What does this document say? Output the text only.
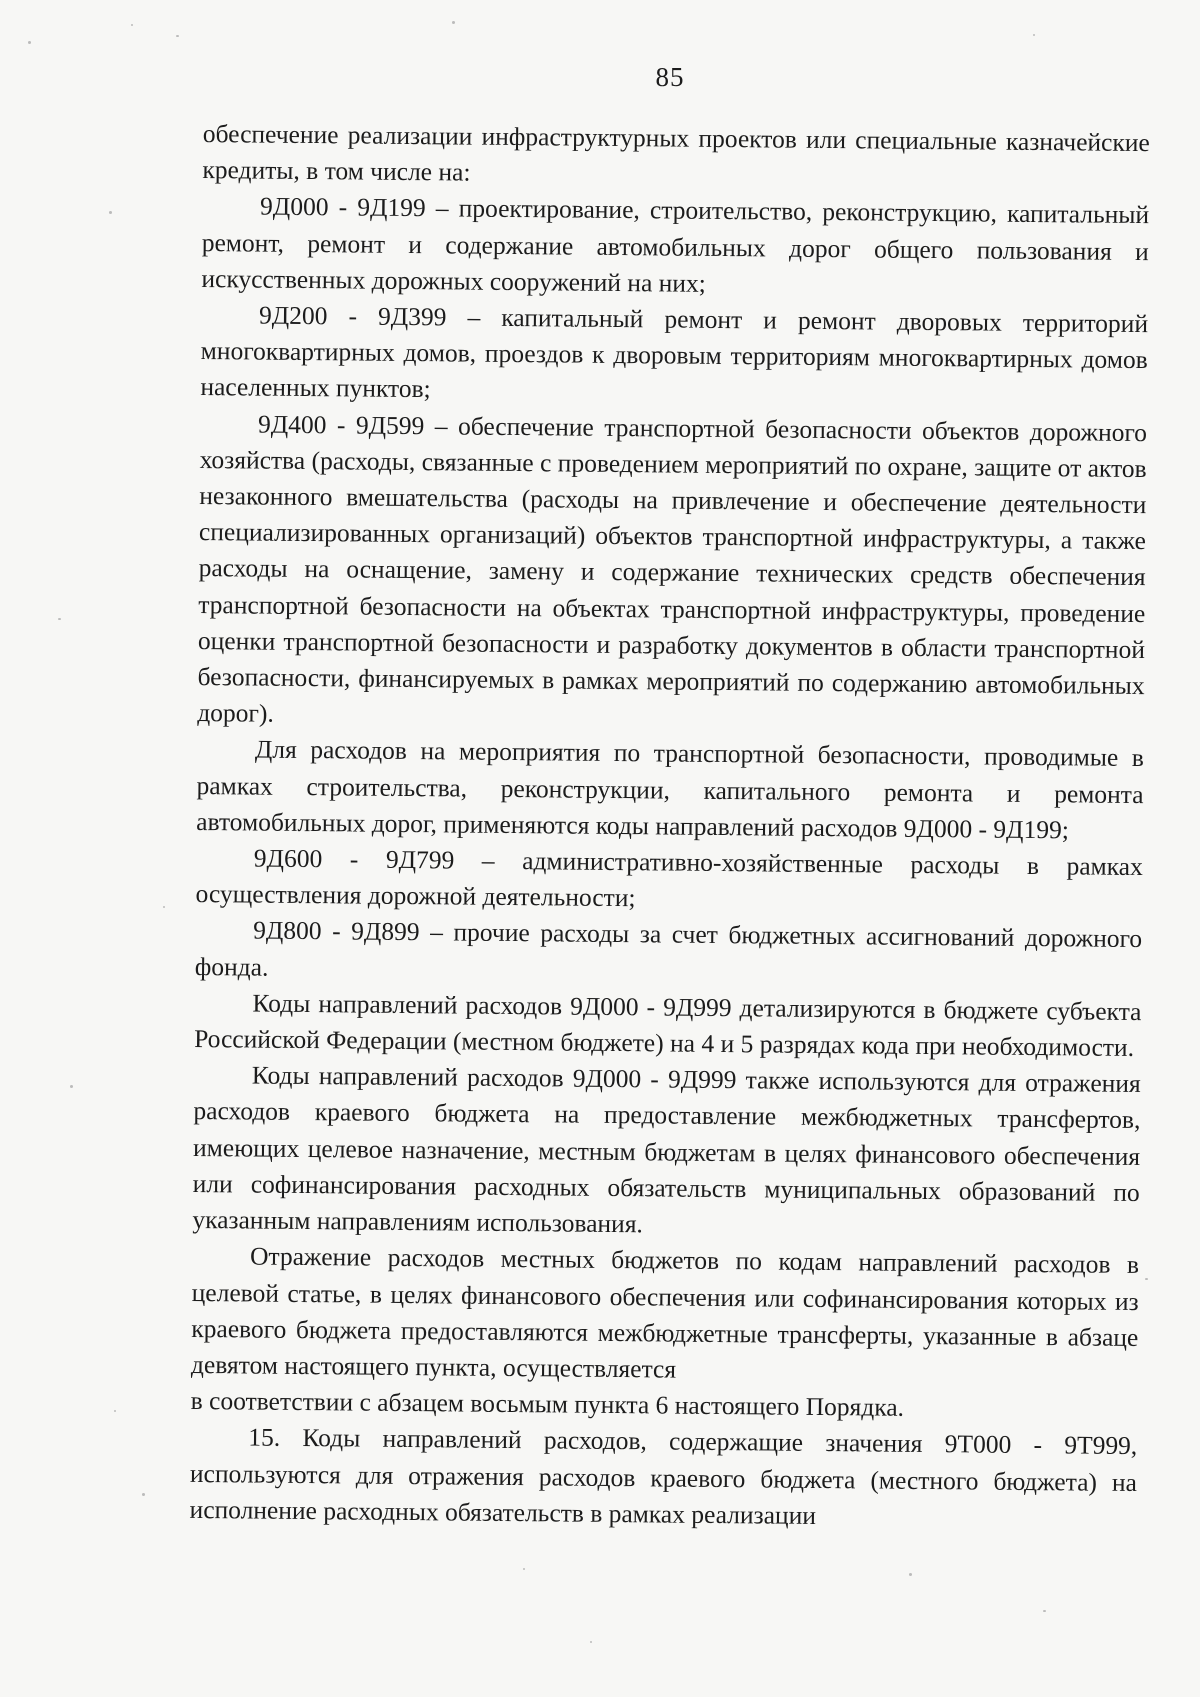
85

обеспечение реализации инфраструктурных проектов или специальные казначейские кредиты, в том числе на:

9Д000 - 9Д199 – проектирование, строительство, реконструкцию, капитальный ремонт, ремонт и содержание автомобильных дорог общего пользования и искусственных дорожных сооружений на них;

9Д200 - 9Д399 – капитальный ремонт и ремонт дворовых территорий многоквартирных домов, проездов к дворовым территориям многоквартирных домов населенных пунктов;

9Д400 - 9Д599 – обеспечение транспортной безопасности объектов дорожного хозяйства (расходы, связанные с проведением мероприятий по охране, защите от актов незаконного вмешательства (расходы на привлечение и обеспечение деятельности специализированных организаций) объектов транспортной инфраструктуры, а также расходы на оснащение, замену и содержание технических средств обеспечения транспортной безопасности на объектах транспортной инфраструктуры, проведение оценки транспортной безопасности и разработку документов в области транспортной безопасности, финансируемых в рамках мероприятий по содержанию автомобильных дорог).

Для расходов на мероприятия по транспортной безопасности, проводимые в рамках строительства, реконструкции, капитального ремонта и ремонта автомобильных дорог, применяются коды направлений расходов 9Д000 - 9Д199;

9Д600 - 9Д799 – административно-хозяйственные расходы в рамках осуществления дорожной деятельности;

9Д800 - 9Д899 – прочие расходы за счет бюджетных ассигнований дорожного фонда.

Коды направлений расходов 9Д000 - 9Д999 детализируются в бюджете субъекта Российской Федерации (местном бюджете) на 4 и 5 разрядах кода при необходимости.

Коды направлений расходов 9Д000 - 9Д999 также используются для отражения расходов краевого бюджета на предоставление межбюджетных трансфертов, имеющих целевое назначение, местным бюджетам в целях финансового обеспечения или софинансирования расходных обязательств муниципальных образований по указанным направлениям использования.

Отражение расходов местных бюджетов по кодам направлений расходов в целевой статье, в целях финансового обеспечения или софинансирования которых из краевого бюджета предоставляются межбюджетные трансферты, указанные в абзаце девятом настоящего пункта, осуществляется

в соответствии с абзацем восьмым пункта 6 настоящего Порядка.

15. Коды направлений расходов, содержащие значения 9Т000 - 9Т999, используются для отражения расходов краевого бюджета (местного бюджета) на исполнение расходных обязательств в рамках реализации
